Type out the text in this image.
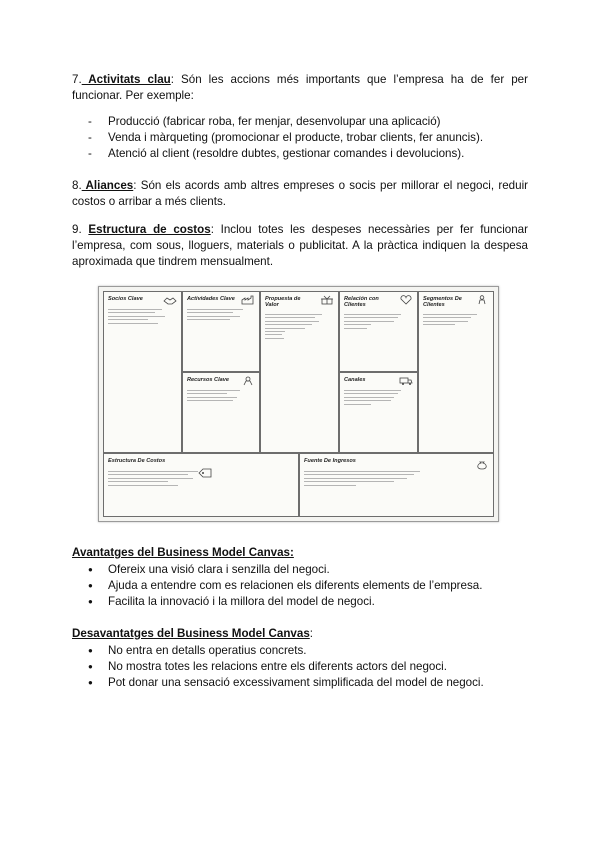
7. Activitats clau: Són les accions més importants que l’empresa ha de fer per funcionar. Per exemple:
- Producció (fabricar roba, fer menjar, desenvolupar una aplicació)
- Venda i màrqueting (promocionar el producte, trobar clients, fer anuncis).
- Atenció al client (resoldre dubtes, gestionar comandes i devolucions).
8. Aliances: Són els acords amb altres empreses o socis per millorar el negoci, reduir costos o arribar a més clients.
9. Estructura de costos: Inclou totes les despeses necessàries per fer funcionar l’empresa, com sous, lloguers, materials o publicitat. A la pràctica indiquen la despesa aproximada que tindrem mensualment.
Socios Clave	Actividades Clave
Recursos Clave
Propuesta de Valor
Relación con Clientes
Canales
Segmentos De Clientes
Estructura De Costos	Fuente De Ingresos
Avantatges del Business Model Canvas:
● Ofereix una visió clara i senzilla del negoci.
● Ajuda a entendre com es relacionen els diferents elements de l’empresa.
● Facilita la innovació i la millora del model de negoci.
Desavantatges del Business Model Canvas:
● No entra en detalls operatius concrets.
● No mostra totes les relacions entre els diferents actors del negoci.
● Pot donar una sensació excessivament simplificada del model de negoci.
